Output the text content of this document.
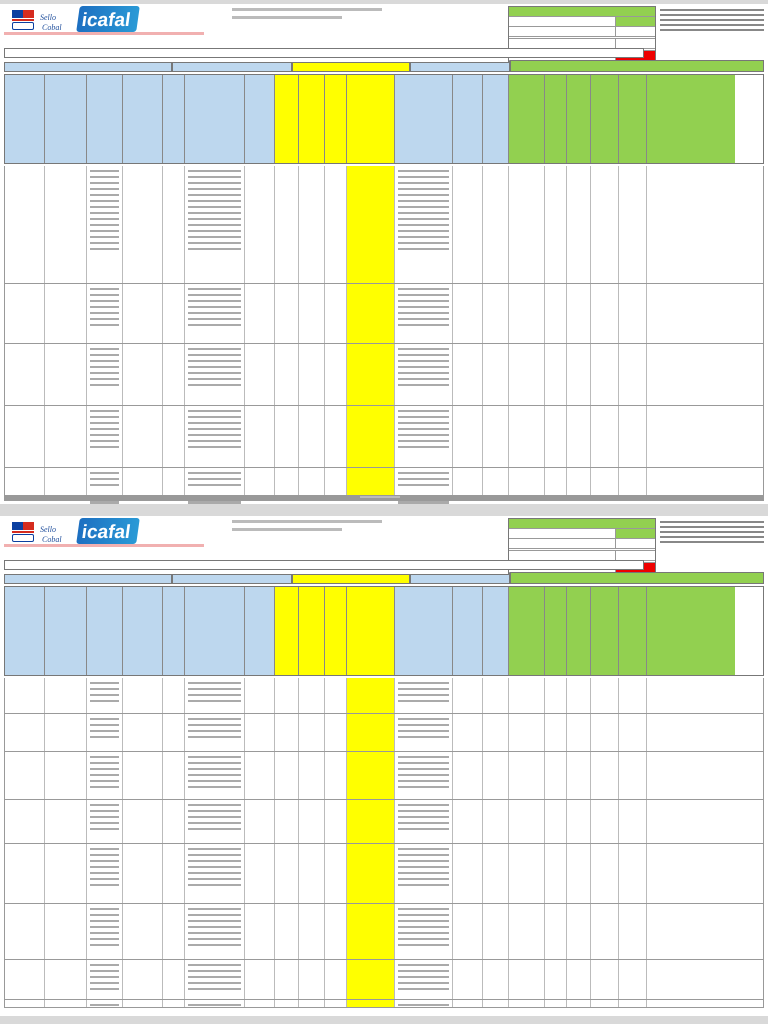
Sello
Cobal icafal
Sello
Cobal icafal
